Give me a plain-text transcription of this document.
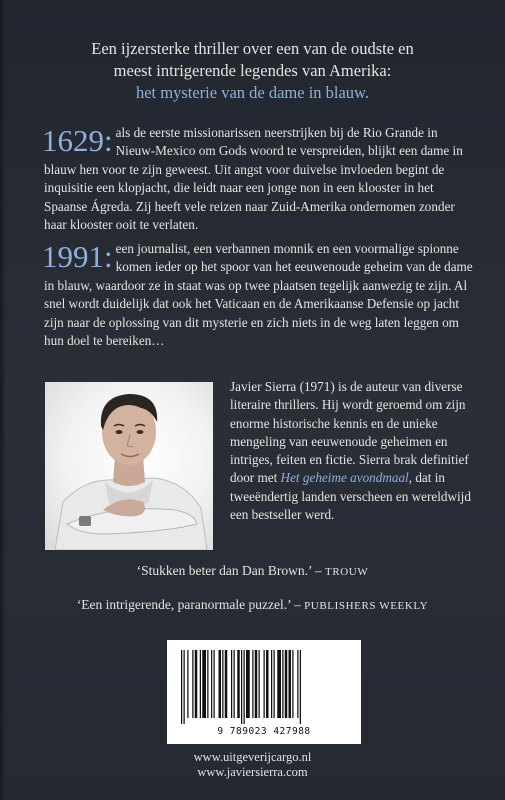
Een ijzersterke thriller over een van de oudste en
meest intrigerende legendes van Amerika:
het mysterie van de dame in blauw.
1629: als de eerste missionarissen neerstrijken bij de Rio Grande in Nieuw-Mexico om Gods woord te verspreiden, blijkt een dame in blauw hen voor te zijn geweest. Uit angst voor duivelse invloeden begint de inquisitie een klopjacht, die leidt naar een jonge non in een klooster in het Spaanse Ágreda. Zij heeft vele reizen naar Zuid-Amerika ondernomen zonder haar klooster ooit te verlaten.
1991: een journalist, een verbannen monnik en een voormalige spionne komen ieder op het spoor van het eeuwenoude geheim van de dame in blauw, waardoor ze in staat was op twee plaatsen tegelijk aanwezig te zijn. Al snel wordt duidelijk dat ook het Vaticaan en de Amerikaanse Defensie op jacht zijn naar de oplossing van dit mysterie en zich niets in de weg laten leggen om hun doel te bereiken…
Javier Sierra (1971) is de auteur van diverse literaire thrillers. Hij wordt geroemd om zijn enorme historische kennis en de unieke mengeling van eeuwenoude geheimen en intriges, feiten en fictie. Sierra brak definitief door met Het geheime avondmaal, dat in tweeëndertig landen verscheen en wereldwijd een bestseller werd.
‘Stukken beter dan Dan Brown.’ – TROUW
‘Een intrigerende, paranormale puzzel.’ – PUBLISHERS WEEKLY
9 789023 427988
www.uitgeverijcargo.nl
www.javiersierra.com
